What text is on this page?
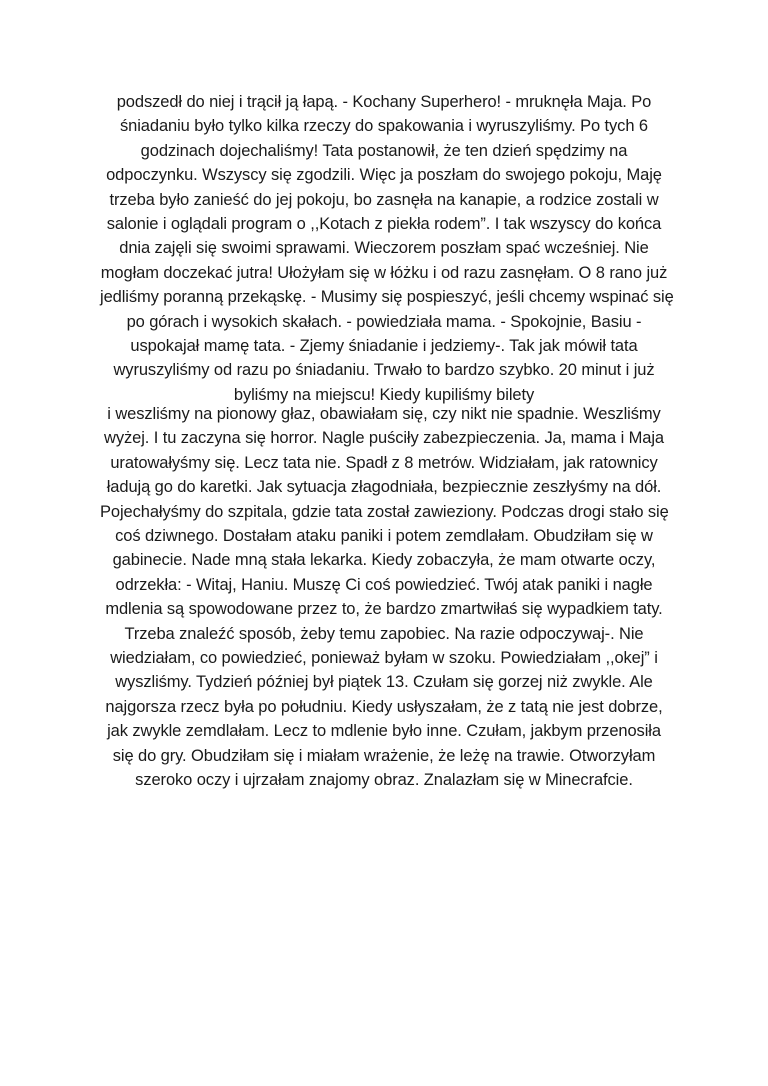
podszedł do niej i trącił ją łapą. - Kochany Superhero! - mruknęła Maja. Po
śniadaniu było tylko kilka rzeczy do spakowania i wyruszyliśmy. Po tych 6
godzinach dojechaliśmy! Tata postanowił, że ten dzień spędzimy na
odpoczynku. Wszyscy się zgodzili. Więc ja poszłam do swojego pokoju, Maję
trzeba było zanieść do jej pokoju, bo zasnęła na kanapie, a rodzice zostali w
salonie i oglądali program o ,,Kotach z piekła rodem”. I tak wszyscy do końca
dnia zajęli się swoimi sprawami. Wieczorem poszłam spać wcześniej. Nie
mogłam doczekać jutra! Ułożyłam się w łóżku i od razu zasnęłam. O 8 rano już
jedliśmy poranną przekąskę. - Musimy się pospieszyć, jeśli chcemy wspinać się
po górach i wysokich skałach. - powiedziała mama. - Spokojnie, Basiu -
uspokajał mamę tata. - Zjemy śniadanie i jedziemy-. Tak jak mówił tata
wyruszyliśmy od razu po śniadaniu. Trwało to bardzo szybko. 20 minut i już
byliśmy na miejscu! Kiedy kupiliśmy bilety
i weszliśmy na pionowy głaz, obawiałam się, czy nikt nie spadnie. Weszliśmy
wyżej. I tu zaczyna się horror. Nagle puściły zabezpieczenia. Ja, mama i Maja
uratowałyśmy się. Lecz tata nie. Spadł z 8 metrów. Widziałam, jak ratownicy
ładują go do karetki. Jak sytuacja złagodniała, bezpiecznie zeszłyśmy na dół.
Pojechałyśmy do szpitala, gdzie tata został zawieziony. Podczas drogi stało się
coś dziwnego. Dostałam ataku paniki i potem zemdlałam. Obudziłam się w
gabinecie. Nade mną stała lekarka. Kiedy zobaczyła, że mam otwarte oczy,
odrzekła: - Witaj, Haniu. Muszę Ci coś powiedzieć. Twój atak paniki i nagłe
mdlenia są spowodowane przez to, że bardzo zmartwiłaś się wypadkiem taty.
Trzeba znaleźć sposób, żeby temu zapobiec. Na razie odpoczywaj-. Nie
wiedziałam, co powiedzieć, ponieważ byłam w szoku. Powiedziałam ,,okej” i
wyszliśmy. Tydzień później był piątek 13. Czułam się gorzej niż zwykle. Ale
najgorsza rzecz była po południu. Kiedy usłyszałam, że z tatą nie jest dobrze,
jak zwykle zemdlałam. Lecz to mdlenie było inne. Czułam, jakbym przenosiła
się do gry. Obudziłam się i miałam wrażenie, że leżę na trawie. Otworzyłam
szeroko oczy i ujrzałam znajomy obraz. Znalazłam się w Minecrafcie.
